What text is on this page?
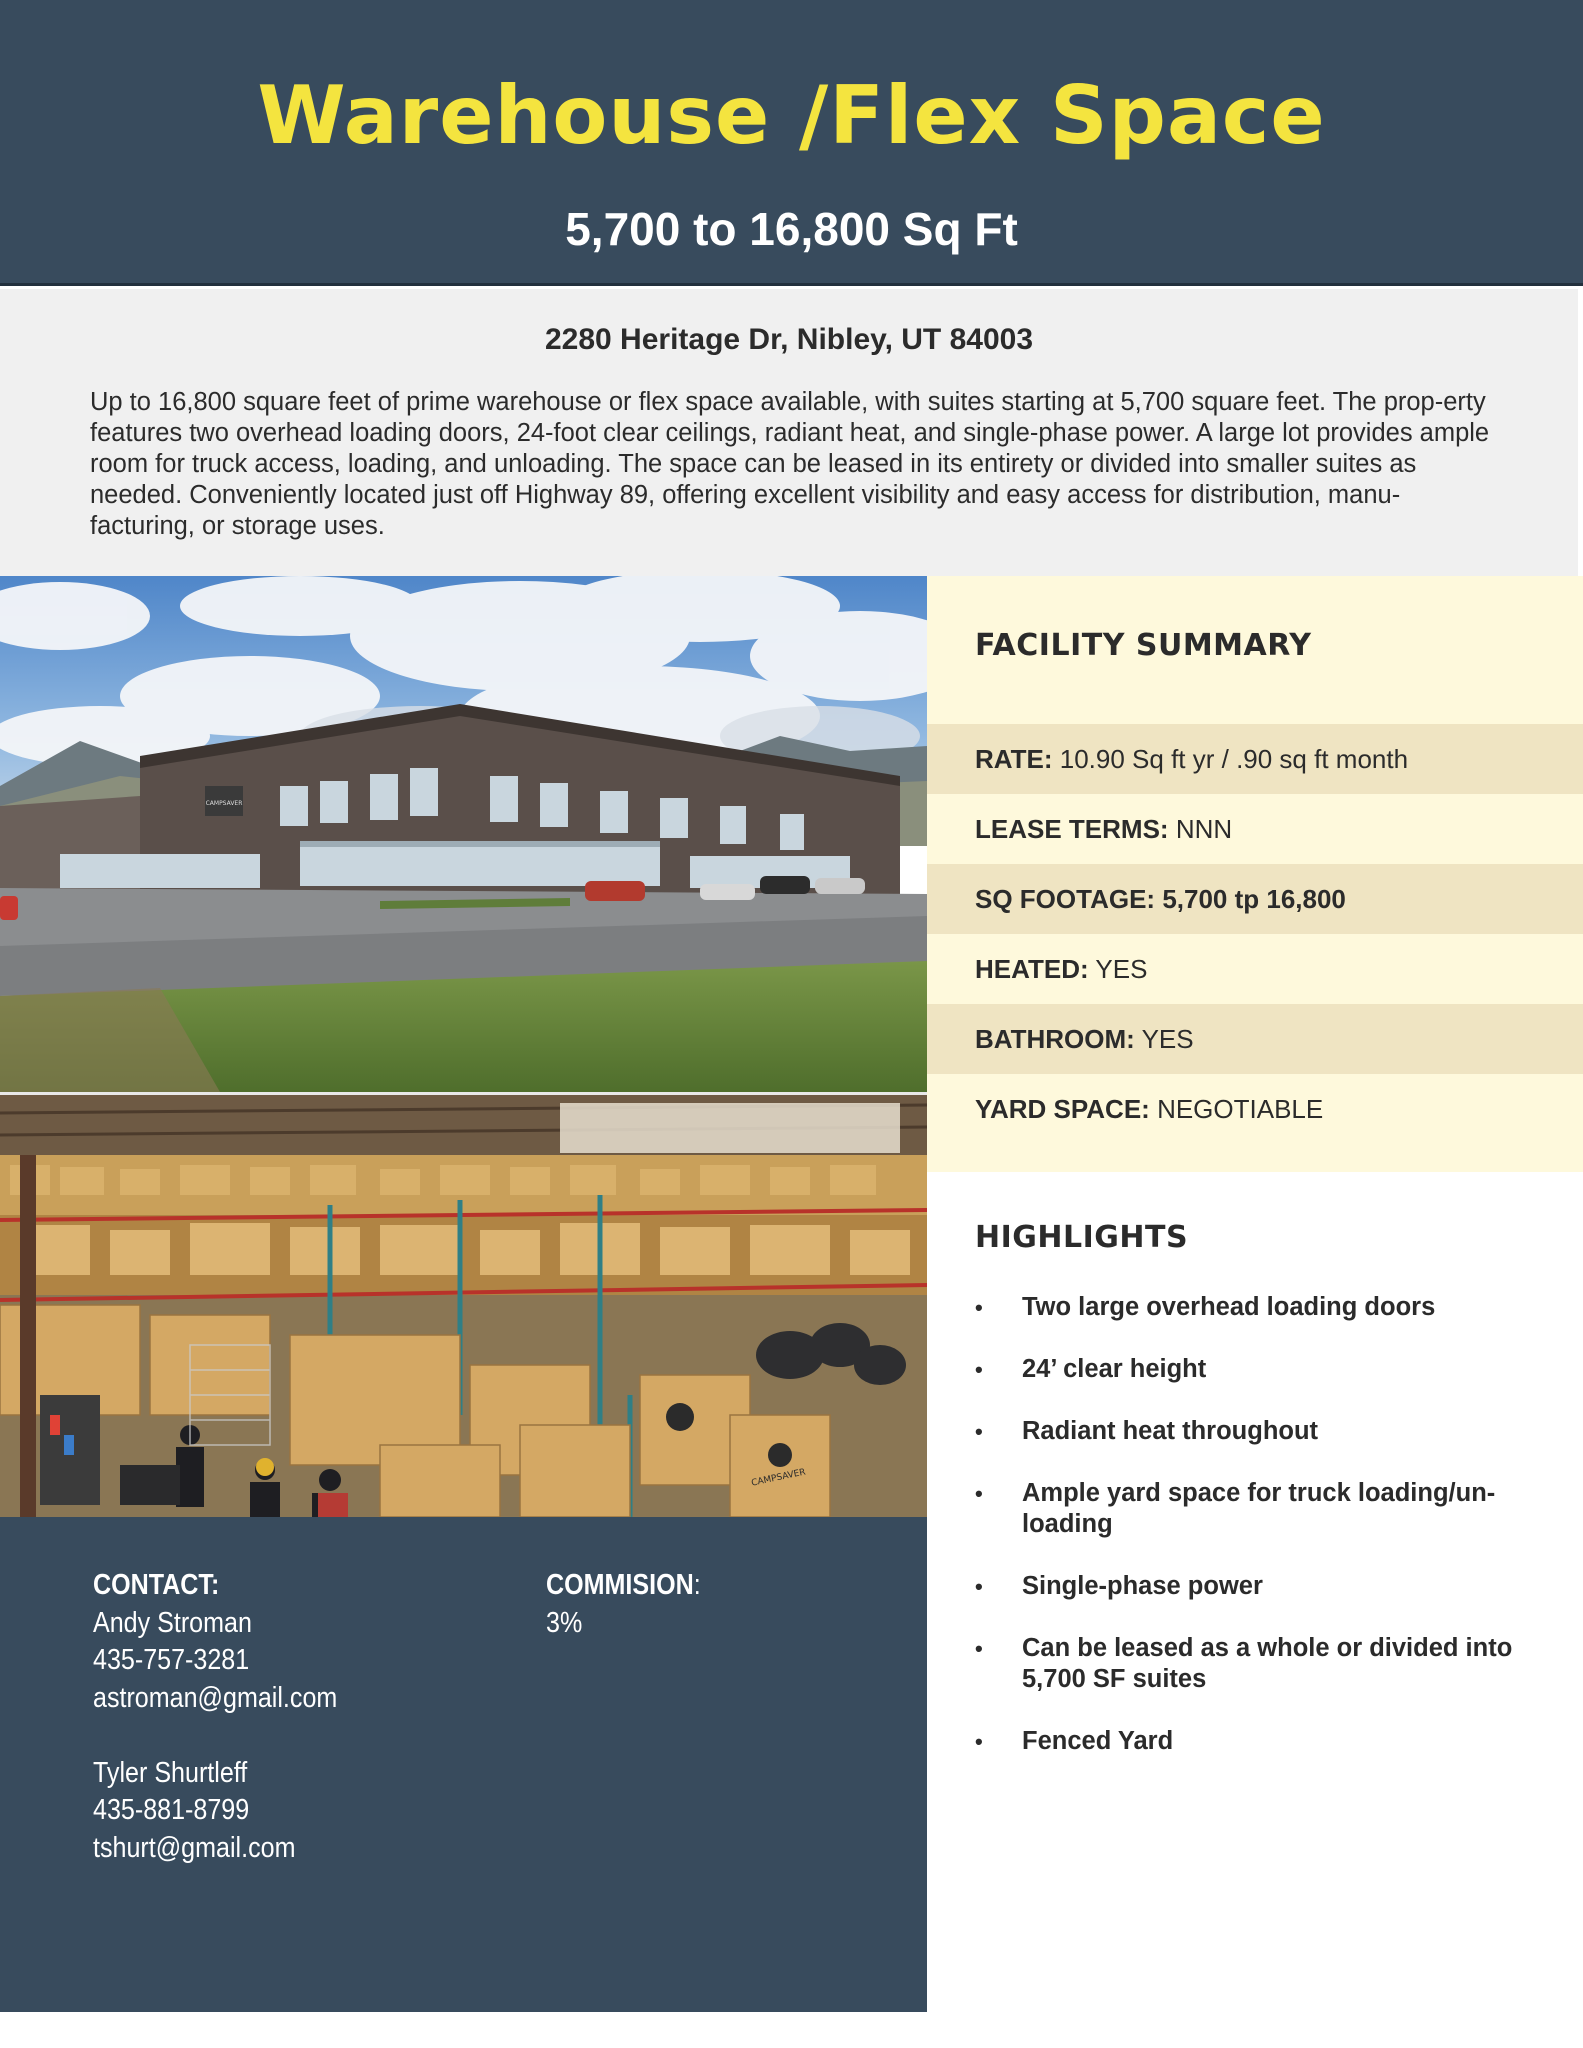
Warehouse /Flex Space
5,700 to 16,800 Sq Ft
2280 Heritage Dr, Nibley, UT 84003
Up to 16,800 square feet of prime warehouse or flex space available, with suites starting at 5,700 square feet. The prop-erty features two overhead loading doors, 24-foot clear ceilings, radiant heat, and single-phase power. A large lot provides ample room for truck access, loading, and unloading. The space can be leased in its entirety or divided into smaller suites as needed. Conveniently located just off Highway 89, offering excellent visibility and easy access for distribution, manu-facturing, or storage uses.
CAMPSAVER
CAMPSAVER
CONTACT:
Andy Stroman
435-757-3281
astroman@gmail.com
Tyler Shurtleff
435-881-8799
tshurt@gmail.com
COMMISION:
3%
FACILITY SUMMARY
RATE: 10.90 Sq ft yr / .90 sq ft month
LEASE TERMS: NNN
SQ FOOTAGE: 5,700 tp 16,800
HEATED: YES
BATHROOM: YES
YARD SPACE: NEGOTIABLE
HIGHLIGHTS
• Two large overhead loading doors
• 24’ clear height
• Radiant heat throughout
• Ample yard space for truck loading/un-loading
• Single-phase power
• Can be leased as a whole or divided into 5,700 SF suites
• Fenced Yard
